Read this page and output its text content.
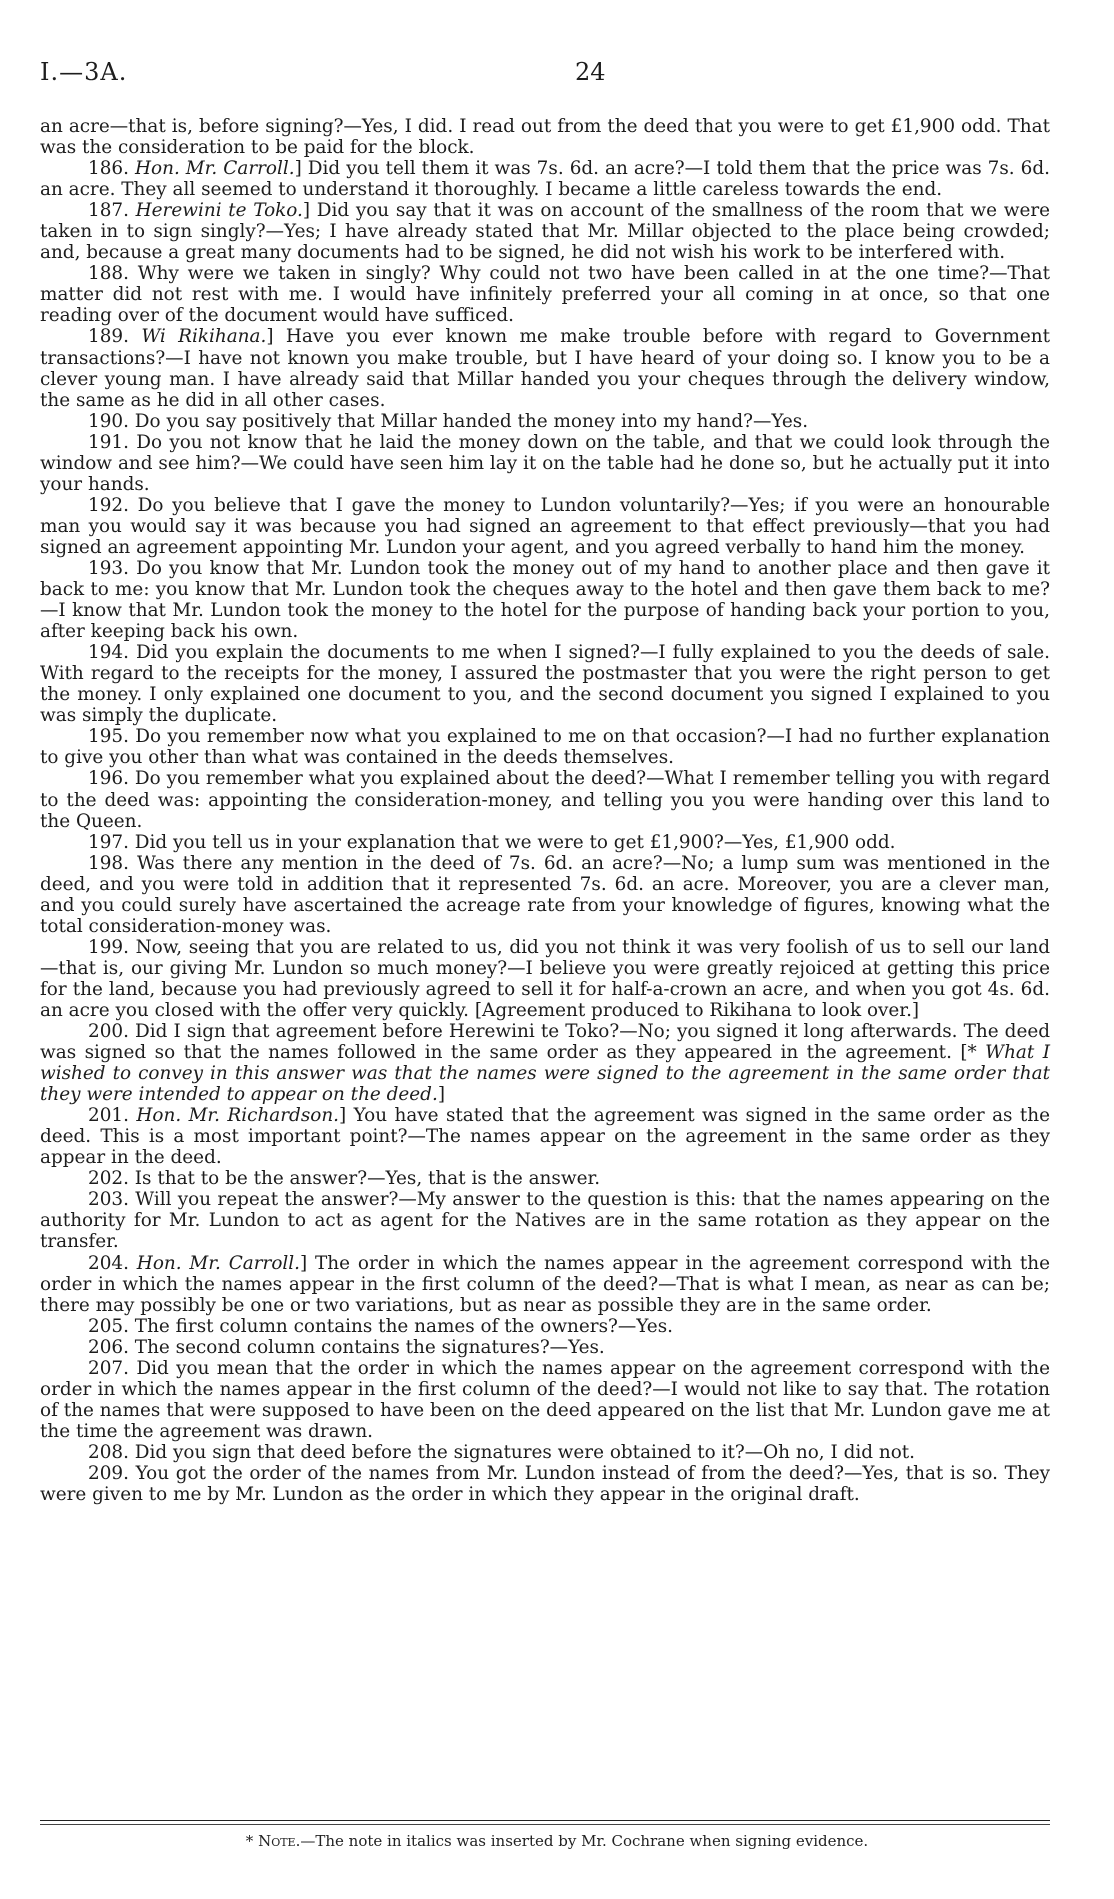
I.—3A.	24

an acre—that is, before signing?—Yes, I did. I read out from the deed that you were to get £1,900 odd. That was the consideration to be paid for the block.

186. Hon. Mr. Carroll.] Did you tell them it was 7s. 6d. an acre?—I told them that the price was 7s. 6d. an acre. They all seemed to understand it thoroughly. I became a little careless towards the end.

187. Herewini te Toko.] Did you say that it was on account of the smallness of the room that we were taken in to sign singly?—Yes; I have already stated that Mr. Millar objected to the place being crowded; and, because a great many documents had to be signed, he did not wish his work to be interfered with.

188. Why were we taken in singly? Why could not two have been called in at the one time?—That matter did not rest with me. I would have infinitely preferred your all coming in at once, so that one reading over of the document would have sufficed.

189. Wi Rikihana.] Have you ever known me make trouble before with regard to Government transactions?—I have not known you make trouble, but I have heard of your doing so. I know you to be a clever young man. I have already said that Millar handed you your cheques through the delivery window, the same as he did in all other cases.

190. Do you say positively that Millar handed the money into my hand?—Yes.

191. Do you not know that he laid the money down on the table, and that we could look through the window and see him?—We could have seen him lay it on the table had he done so, but he actually put it into your hands.

192. Do you believe that I gave the money to Lundon voluntarily?—Yes; if you were an honourable man you would say it was because you had signed an agreement to that effect previously—that you had signed an agreement appointing Mr. Lundon your agent, and you agreed verbally to hand him the money.

193. Do you know that Mr. Lundon took the money out of my hand to another place and then gave it back to me: you know that Mr. Lundon took the cheques away to the hotel and then gave them back to me?—I know that Mr. Lundon took the money to the hotel for the purpose of handing back your portion to you, after keeping back his own.

194. Did you explain the documents to me when I signed?—I fully explained to you the deeds of sale. With regard to the receipts for the money, I assured the postmaster that you were the right person to get the money. I only explained one document to you, and the second document you signed I explained to you was simply the duplicate.

195. Do you remember now what you explained to me on that occasion?—I had no further explanation to give you other than what was contained in the deeds themselves.

196. Do you remember what you explained about the deed?—What I remember telling you with regard to the deed was: appointing the consideration-money, and telling you you were handing over this land to the Queen.

197. Did you tell us in your explanation that we were to get £1,900?—Yes, £1,900 odd.

198. Was there any mention in the deed of 7s. 6d. an acre?—No; a lump sum was mentioned in the deed, and you were told in addition that it represented 7s. 6d. an acre. Moreover, you are a clever man, and you could surely have ascertained the acreage rate from your knowledge of figures, knowing what the total consideration-money was.

199. Now, seeing that you are related to us, did you not think it was very foolish of us to sell our land—that is, our giving Mr. Lundon so much money?—I believe you were greatly rejoiced at getting this price for the land, because you had previously agreed to sell it for half-a-crown an acre, and when you got 4s. 6d. an acre you closed with the offer very quickly. [Agreement produced to Rikihana to look over.]

200. Did I sign that agreement before Herewini te Toko?—No; you signed it long afterwards. The deed was signed so that the names followed in the same order as they appeared in the agreement. [* What I wished to convey in this answer was that the names were signed to the agreement in the same order that they were intended to appear on the deed.]

201. Hon. Mr. Richardson.] You have stated that the agreement was signed in the same order as the deed. This is a most important point?—The names appear on the agreement in the same order as they appear in the deed.

202. Is that to be the answer?—Yes, that is the answer.

203. Will you repeat the answer?—My answer to the question is this: that the names appearing on the authority for Mr. Lundon to act as agent for the Natives are in the same rotation as they appear on the transfer.

204. Hon. Mr. Carroll.] The order in which the names appear in the agreement correspond with the order in which the names appear in the first column of the deed?—That is what I mean, as near as can be; there may possibly be one or two variations, but as near as possible they are in the same order.

205. The first column contains the names of the owners?—Yes.

206. The second column contains the signatures?—Yes.

207. Did you mean that the order in which the names appear on the agreement correspond with the order in which the names appear in the first column of the deed?—I would not like to say that. The rotation of the names that were supposed to have been on the deed appeared on the list that Mr. Lundon gave me at the time the agreement was drawn.

208. Did you sign that deed before the signatures were obtained to it?—Oh no, I did not.

209. You got the order of the names from Mr. Lundon instead of from the deed?—Yes, that is so. They were given to me by Mr. Lundon as the order in which they appear in the original draft.

* Note.—The note in italics was inserted by Mr. Cochrane when signing evidence.
